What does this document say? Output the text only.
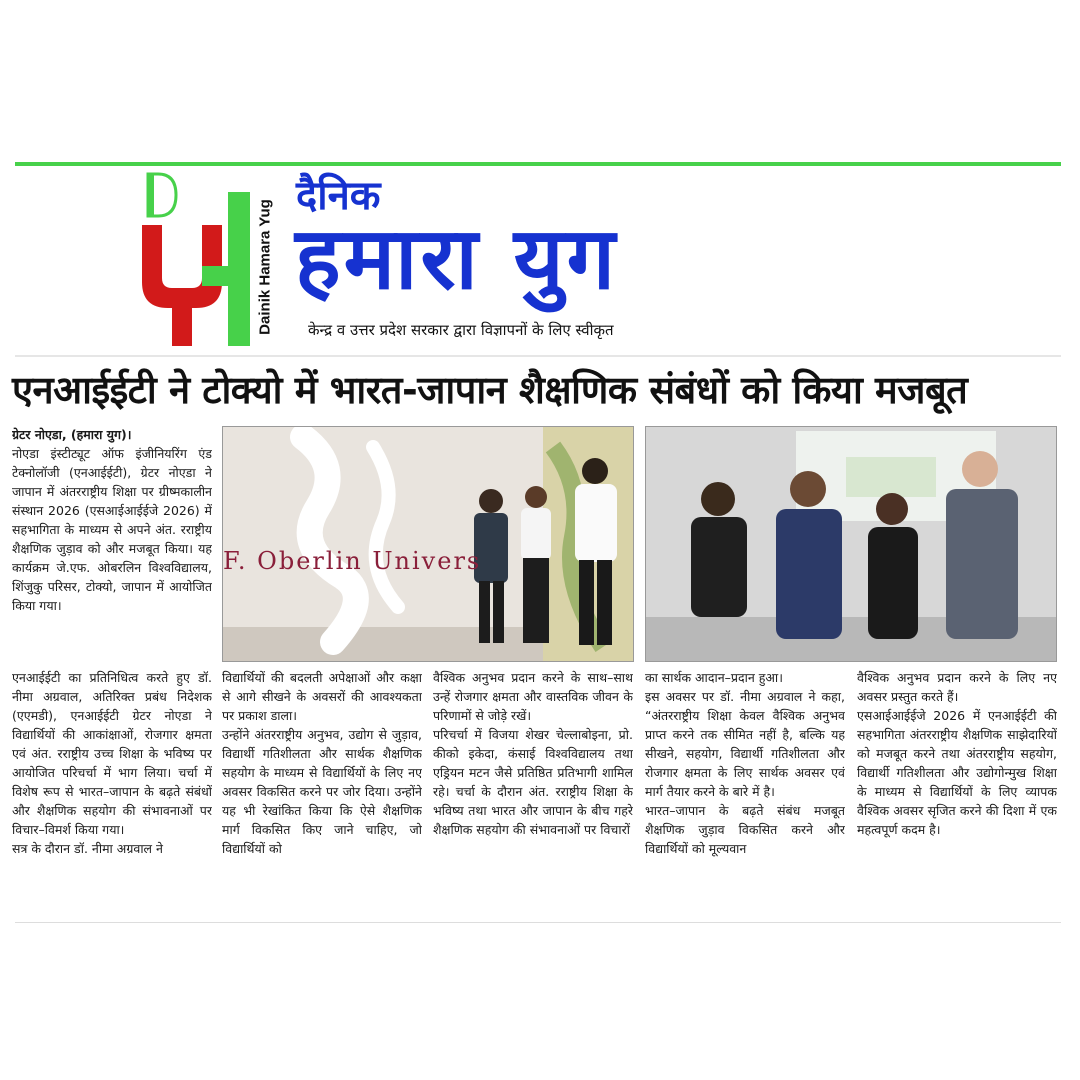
Dainik Hamara Yug
दैनिक
हमारा युग
केन्द्र व उत्तर प्रदेश सरकार द्वारा विज्ञापनों के लिए स्वीकृत
एनआईईटी ने टोक्यो में भारत-जापान शैक्षणिक संबंधों को किया मजबूत

ग्रेटर नोएडा, (हमारा युग)।

नोएडा इंस्टीट्यूट ऑफ इंजीनियरिंग एंड टेक्नोलॉजी (एनआईईटी), ग्रेटर नोएडा ने जापान में अंतरराष्ट्रीय शिक्षा पर ग्रीष्मकालीन संस्थान 2026 (एसआईआईईजे 2026) में सहभागिता के माध्यम से अपने अंत. रराष्ट्रीय शैक्षणिक जुड़ाव को और मजबूत किया। यह कार्यक्रम जे.एफ. ओबरलिन विश्वविद्यालय, शिंजुकु परिसर, टोक्यो, जापान में आयोजित किया गया।

F. Oberlin Univers

एनआईईटी का प्रतिनिधित्व करते हुए डॉ. नीमा अग्रवाल, अतिरिक्त प्रबंध निदेशक (एएमडी), एनआईईटी ग्रेटर नोएडा ने विद्यार्थियों की आकांक्षाओं, रोजगार क्षमता एवं अंत. रराष्ट्रीय उच्च शिक्षा के भविष्य पर आयोजित परिचर्चा में भाग लिया। चर्चा में विशेष रूप से भारत–जापान के बढ़ते संबंधों और शैक्षणिक सहयोग की संभावनाओं पर विचार–विमर्श किया गया।

सत्र के दौरान डॉ. नीमा अग्रवाल ने

विद्यार्थियों की बदलती अपेक्षाओं और कक्षा से आगे सीखने के अवसरों की आवश्यकता पर प्रकाश डाला।

उन्होंने अंतरराष्ट्रीय अनुभव, उद्योग से जुड़ाव, विद्यार्थी गतिशीलता और सार्थक शैक्षणिक सहयोग के माध्यम से विद्यार्थियों के लिए नए अवसर विकसित करने पर जोर दिया। उन्होंने यह भी रेखांकित किया कि ऐसे शैक्षणिक मार्ग विकसित किए जाने चाहिए, जो विद्यार्थियों को

वैश्विक अनुभव प्रदान करने के साथ–साथ उन्हें रोजगार क्षमता और वास्तविक जीवन के परिणामों से जोड़े रखें।

परिचर्चा में विजया शेखर चेल्लाबोइना, प्रो. कीको इकेदा, कंसाई विश्वविद्यालय तथा एड्रियन मटन जैसे प्रतिष्ठित प्रतिभागी शामिल रहे। चर्चा के दौरान अंत. रराष्ट्रीय शिक्षा के भविष्य तथा भारत और जापान के बीच गहरे शैक्षणिक सहयोग की संभावनाओं पर विचारों

का सार्थक आदान–प्रदान हुआ।

इस अवसर पर डॉ. नीमा अग्रवाल ने कहा, “अंतरराष्ट्रीय शिक्षा केवल वैश्विक अनुभव प्राप्त करने तक सीमित नहीं है, बल्कि यह सीखने, सहयोग, विद्यार्थी गतिशीलता और रोजगार क्षमता के लिए सार्थक अवसर एवं मार्ग तैयार करने के बारे में है।

भारत–जापान के बढ़ते संबंध मजबूत शैक्षणिक जुड़ाव विकसित करने और विद्यार्थियों को मूल्यवान

वैश्विक अनुभव प्रदान करने के लिए नए अवसर प्रस्तुत करते हैं।

एसआईआईईजे 2026 में एनआईईटी की सहभागिता अंतरराष्ट्रीय शैक्षणिक साझेदारियों को मजबूत करने तथा अंतरराष्ट्रीय सहयोग, विद्यार्थी गतिशीलता और उद्योगोन्मुख शिक्षा के माध्यम से विद्यार्थियों के लिए व्यापक वैश्विक अवसर सृजित करने की दिशा में एक महत्वपूर्ण कदम है।
